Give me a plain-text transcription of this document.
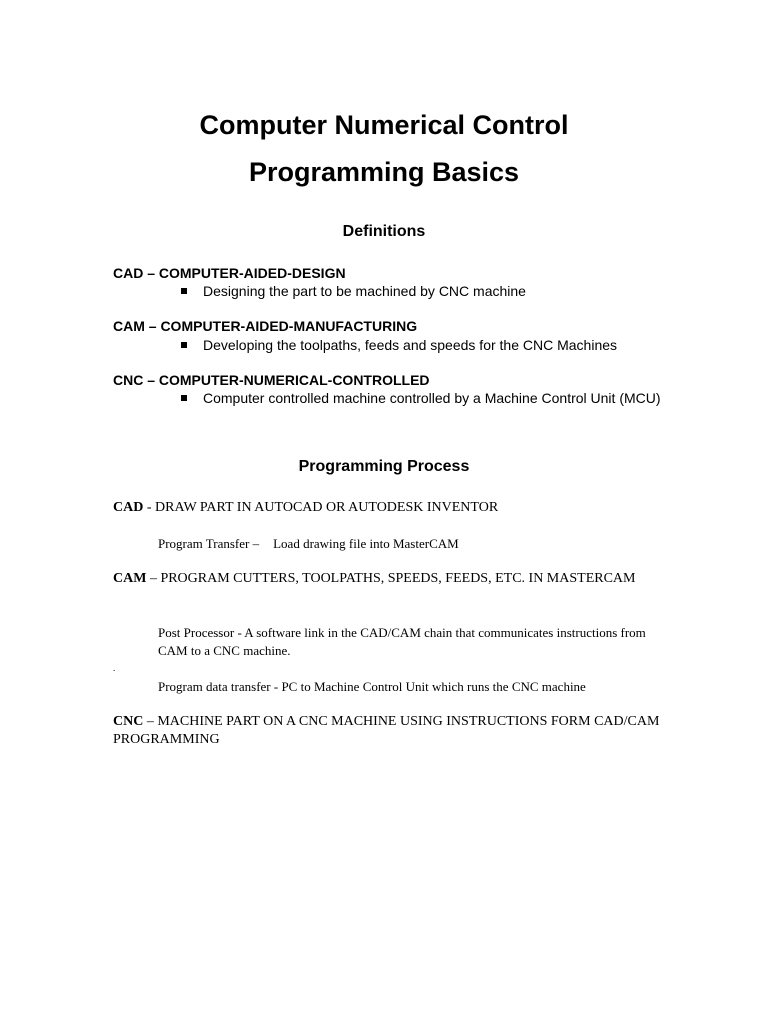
Computer Numerical Control
Programming Basics
Definitions
CAD – COMPUTER-AIDED-DESIGN
Designing the part to be machined by CNC machine
CAM – COMPUTER-AIDED-MANUFACTURING
Developing the toolpaths, feeds and speeds for the CNC Machines
CNC – COMPUTER-NUMERICAL-CONTROLLED
Computer controlled machine controlled by a Machine Control Unit (MCU)
Programming Process
CAD - DRAW PART IN AUTOCAD OR AUTODESK INVENTOR
Program Transfer – Load drawing file into MasterCAM
CAM – PROGRAM CUTTERS, TOOLPATHS, SPEEDS, FEEDS, ETC. IN MASTERCAM
Post Processor - A software link in the CAD/CAM chain that communicates instructions from CAM to a CNC machine.
.
Program data transfer - PC to Machine Control Unit which runs the CNC machine
CNC – MACHINE PART ON A CNC MACHINE USING INSTRUCTIONS FORM CAD/CAM PROGRAMMING
